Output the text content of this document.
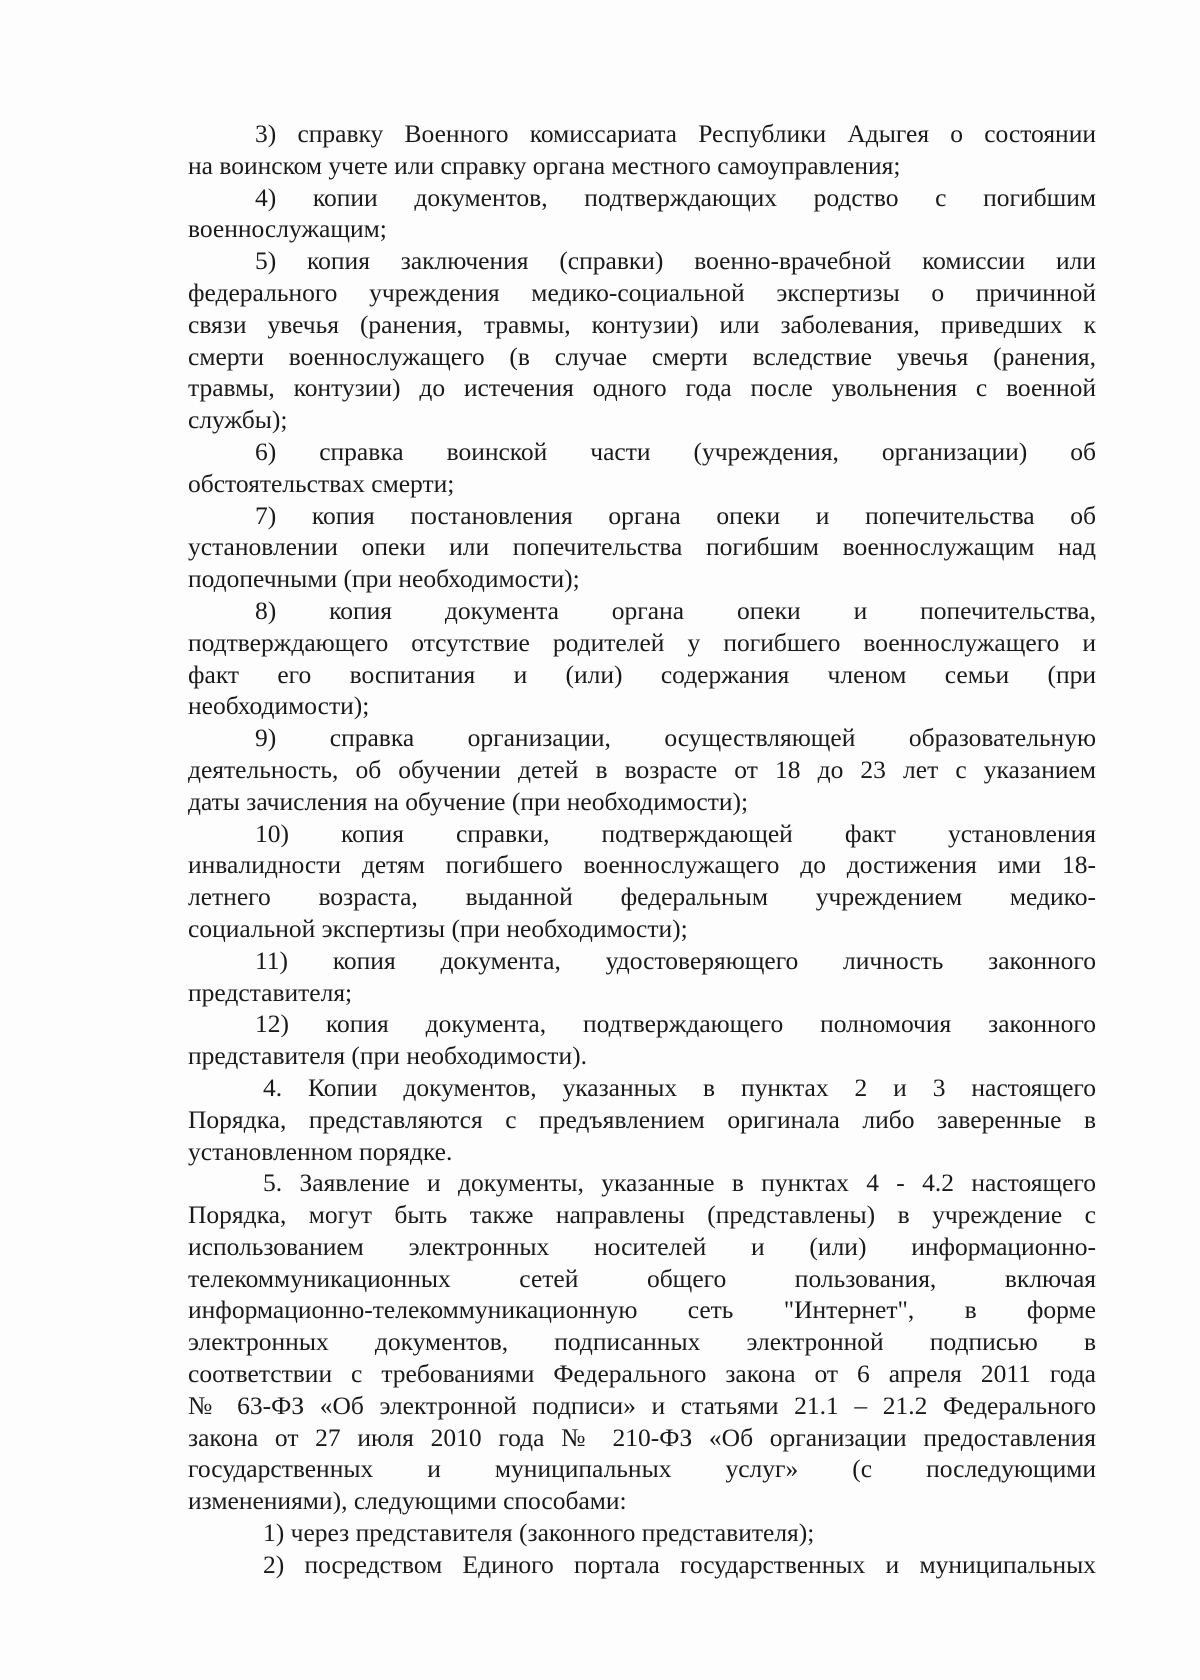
3) справку Военного комиссариата Республики Адыгея о состоянии
на воинском учете или справку органа местного самоуправления;
4) копии документов, подтверждающих родство с погибшим
военнослужащим;
5) копия заключения (справки) военно-врачебной комиссии или
федерального учреждения медико-социальной экспертизы о причинной
связи увечья (ранения, травмы, контузии) или заболевания, приведших к
смерти военнослужащего (в случае смерти вследствие увечья (ранения,
травмы, контузии) до истечения одного года после увольнения с военной
службы);
6) справка воинской части (учреждения, организации) об
обстоятельствах смерти;
7) копия постановления органа опеки и попечительства об
установлении опеки или попечительства погибшим военнослужащим над
подопечными (при необходимости);
8) копия документа органа опеки и попечительства,
подтверждающего отсутствие родителей у погибшего военнослужащего и
факт его воспитания и (или) содержания членом семьи (при
необходимости);
9) справка организации, осуществляющей образовательную
деятельность, об обучении детей в возрасте от 18 до 23 лет с указанием
даты зачисления на обучение (при необходимости);
10) копия справки, подтверждающей факт установления
инвалидности детям погибшего военнослужащего до достижения ими 18-
летнего возраста, выданной федеральным учреждением медико-
социальной экспертизы (при необходимости);
11) копия документа, удостоверяющего личность законного
представителя;
12) копия документа, подтверждающего полномочия законного
представителя (при необходимости).
4. Копии документов, указанных в пунктах 2 и 3 настоящего
Порядка, представляются с предъявлением оригинала либо заверенные в
установленном порядке.
5. Заявление и документы, указанные в пунктах 4 - 4.2 настоящего
Порядка, могут быть также направлены (представлены) в учреждение с
использованием электронных носителей и (или) информационно-
телекоммуникационных сетей общего пользования, включая
информационно-телекоммуникационную сеть "Интернет", в форме
электронных документов, подписанных электронной подписью в
соответствии с требованиями Федерального закона от 6 апреля 2011 года
№ 63-ФЗ «Об электронной подписи» и статьями 21.1 – 21.2 Федерального
закона от 27 июля 2010 года № 210-ФЗ «Об организации предоставления
государственных и муниципальных услуг» (с последующими
изменениями), следующими способами:
1) через представителя (законного представителя);
2) посредством Единого портала государственных и муниципальных
